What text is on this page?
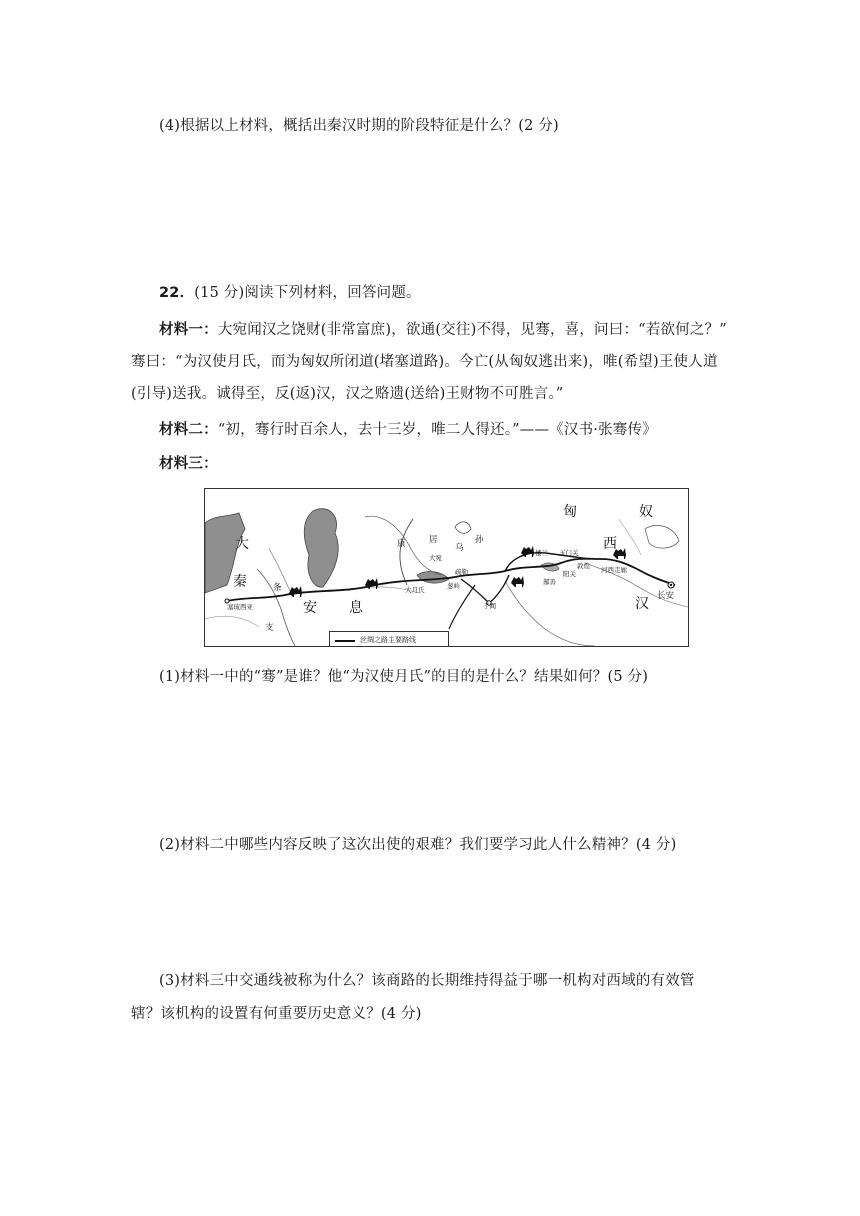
(4)根据以上材料，概括出秦汉时期的阶段特征是什么？(2 分)
22．(15 分)阅读下列材料，回答问题。
材料一：大宛闻汉之饶财(非常富庶)，欲通(交往)不得，见骞，喜，问曰：“若欲何之？”
骞曰：“为汉使月氏，而为匈奴所闭道(堵塞道路)。今亡(从匈奴逃出来)，唯(希望)王使人道
(引导)送我。诚得至，反(返)汉，汉之赂遗(送给)王财物不可胜言。”
材料二：“初，骞行时百余人，去十三岁，唯二人得还。”——《汉书·张骞传》
材料三：
大
秦	条
支
塞琉西亚	安 息
康	居
大宛
乌
孙
疏勒
葱岭
大月氏
于阗
楼兰 玉门关
鄯善
阳关
敦煌 河西走廊
匈	奴
西
汉 长安
丝绸之路主要路线
(1)材料一中的“骞”是谁？他“为汉使月氏”的目的是什么？结果如何？(5 分)
(2)材料二中哪些内容反映了这次出使的艰难？我们要学习此人什么精神？(4 分)
(3)材料三中交通线被称为什么？该商路的长期维持得益于哪一机构对西域的有效管
辖？该机构的设置有何重要历史意义？(4 分)
